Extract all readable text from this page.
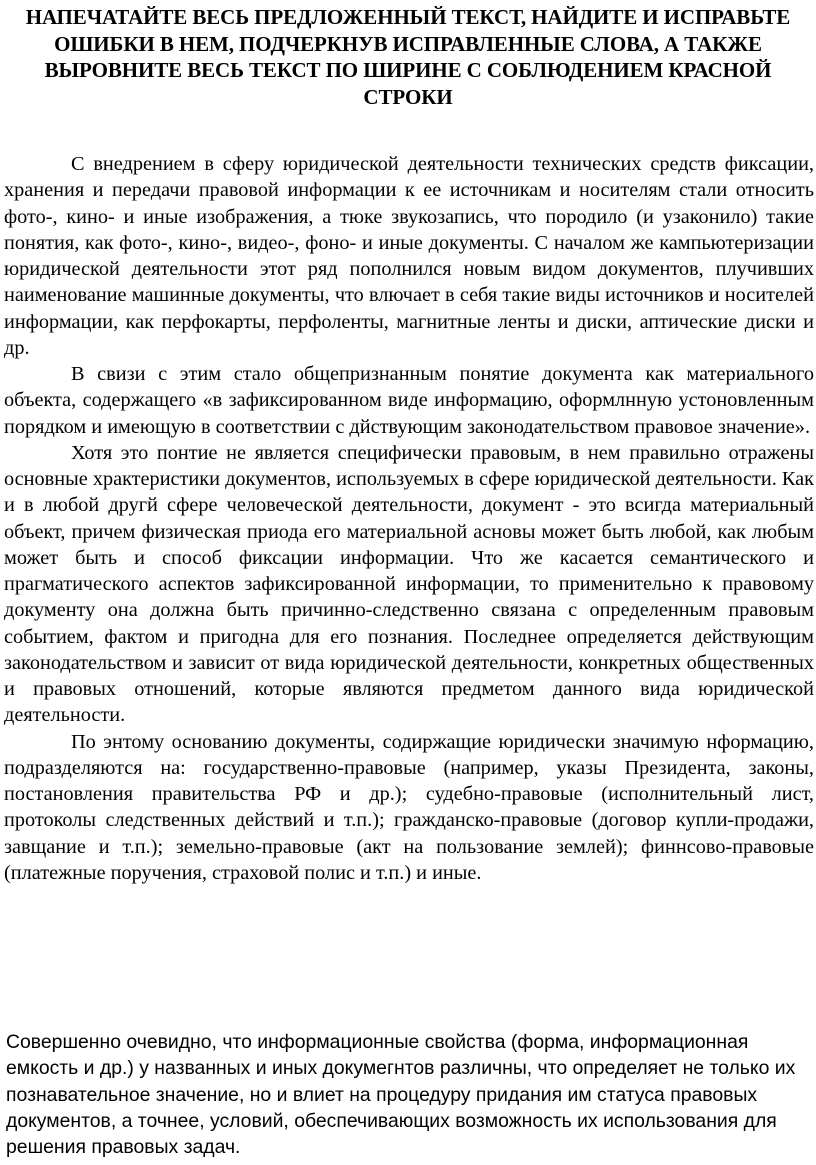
НАПЕЧАТАЙТЕ ВЕСЬ ПРЕДЛОЖЕННЫЙ ТЕКСТ, НАЙДИТЕ И ИСПРАВЬТЕ ОШИБКИ В НЕМ, ПОДЧЕРКНУВ ИСПРАВЛЕННЫЕ СЛОВА, А ТАКЖЕ ВЫРОВНИТЕ ВЕСЬ ТЕКСТ ПО ШИРИНЕ С СОБЛЮДЕНИЕМ КРАСНОЙ СТРОКИ

С внедрением в сферу юридической деятельности технических средств фиксации, хранения и передачи правовой информации к ее источникам и носителям стали относить фото-, кино- и иные изображения, а тюке звукозапись, что породило (и узаконило) такие понятия, как фото-, кино-, видео-, фоно- и иные документы. С началом же кампьютеризации юридической деятельности этот ряд пополнился новым видом документов, плучивших наименование машинные документы, что влючает в себя такие виды источников и носителей информации, как перфокарты, перфоленты, магнитные ленты и диски, аптические диски и др.

В свизи с этим стало общепризнанным понятие документа как материального объекта, содержащего «в зафиксированном виде информацию, оформлнную устоновленным порядком и имеющую в соответствии с дйствующим законодательством правовое значение».

Хотя это понтие не является специфически правовым, в нем правильно отражены основные храктеристики документов, используемых в сфере юридической деятельности. Как и в любой другй сфере человеческой деятельности, документ - это всигда материальный объект, причем физическая приода его материальной асновы может быть любой, как любым может быть и способ фиксации информации. Что же касается семантического и прагматического аспектов зафиксированной информации, то применительно к правовому документу она должна быть причинно-следственно связана с определенным правовым событием, фактом и пригодна для его познания. Последнее определяется действующим законодательством и зависит от вида юридической деятельности, конкретных общественных и правовых отношений, которые являются предметом данного вида юридической деятельности.

По энтому основанию документы, содиржащие юридически значимую нформацию, подразделяются на: государственно-правовые (например, указы Президента, законы, постановления правительства РФ и др.); судебно-правовые (исполнительный лист, протоколы следственных действий и т.п.); гражданско-правовые (договор купли-продажи, завщание и т.п.); земельно-правовые (акт на пользование землей); финнсово-правовые (платежные поручения, страховой полис и т.п.) и иные.

Совершенно очевидно, что информационные свойства (форма, информационная емкость и др.) у названных и иных докумегнтов различны, что определяет не только их познавательное значение, но и влиет на процедуру придания им статуса правовых документов, а точнее, условий, обеспечивающих возможность их использования для решения правовых задач.
